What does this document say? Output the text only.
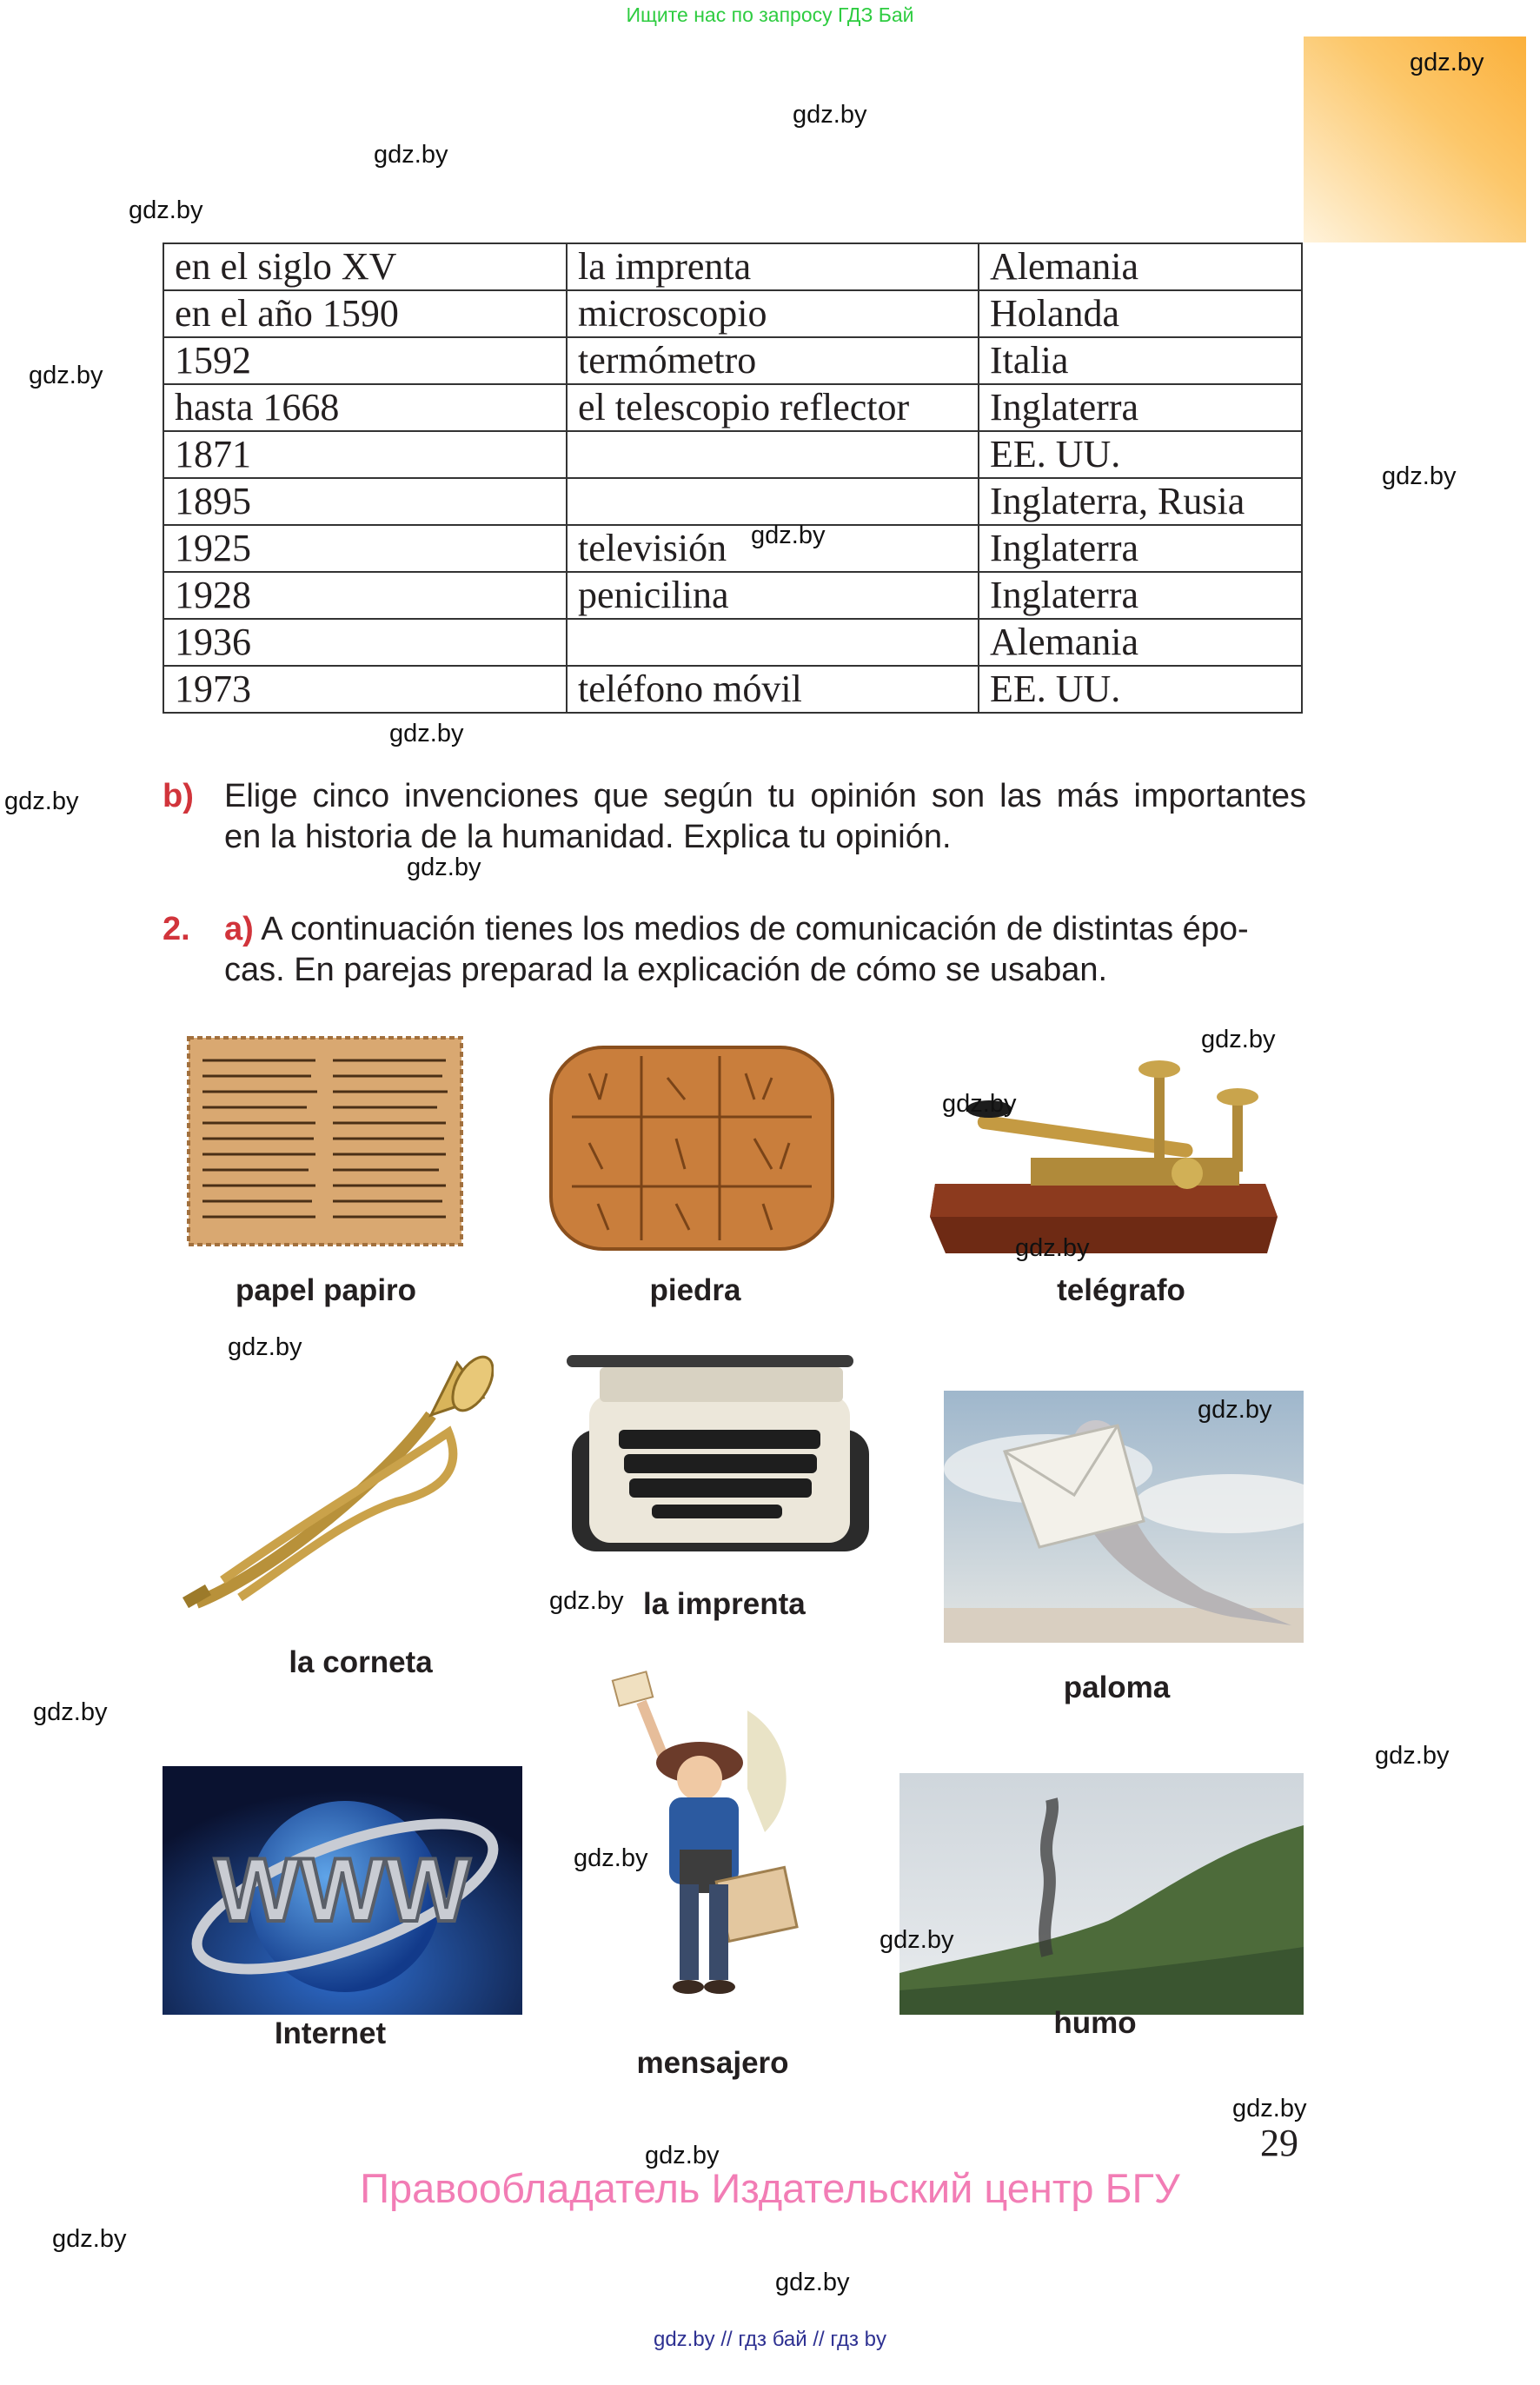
Ищите нас по запросу ГДЗ Бай
gdz.by
gdz.by
gdz.by
gdz.by
gdz.by
gdz.by
en el siglo XV	la imprenta	Alemania
en el año 1590	microscopio	Holanda
1592	termómetro	Italia
hasta 1668	el telescopio reflector	Inglaterra
1871		EE. UU.
1895		Inglaterra, Rusia
1925	televisión	Inglaterra
1928	penicilina	Inglaterra
1936		Alemania
1973	teléfono móvil	EE. UU.
gdz.by
gdz.by
gdz.by	b) Elige cinco invenciones que según tu opinión son las más importantes
en la historia de la humanidad. Explica tu opinión.
gdz.by
2. a) A continuación tienes los medios de comunicación de distintas épo-
cas. En parejas preparad la explicación de cómo se usaban.
gdz.by
gdz.by
gdz.by
papel papiro	piedra	telégrafo
gdz.by
la imprenta
gdz.by
gdz.by
la corneta
paloma
gdz.by
gdz.by
WWW	gdz.by
gdz.by
Internet	humo
mensajero
gdz.by
29
gdz.by
Правообладатель Издательский центр БГУ
gdz.by
gdz.by
gdz.by // гдз бай // гдз by
